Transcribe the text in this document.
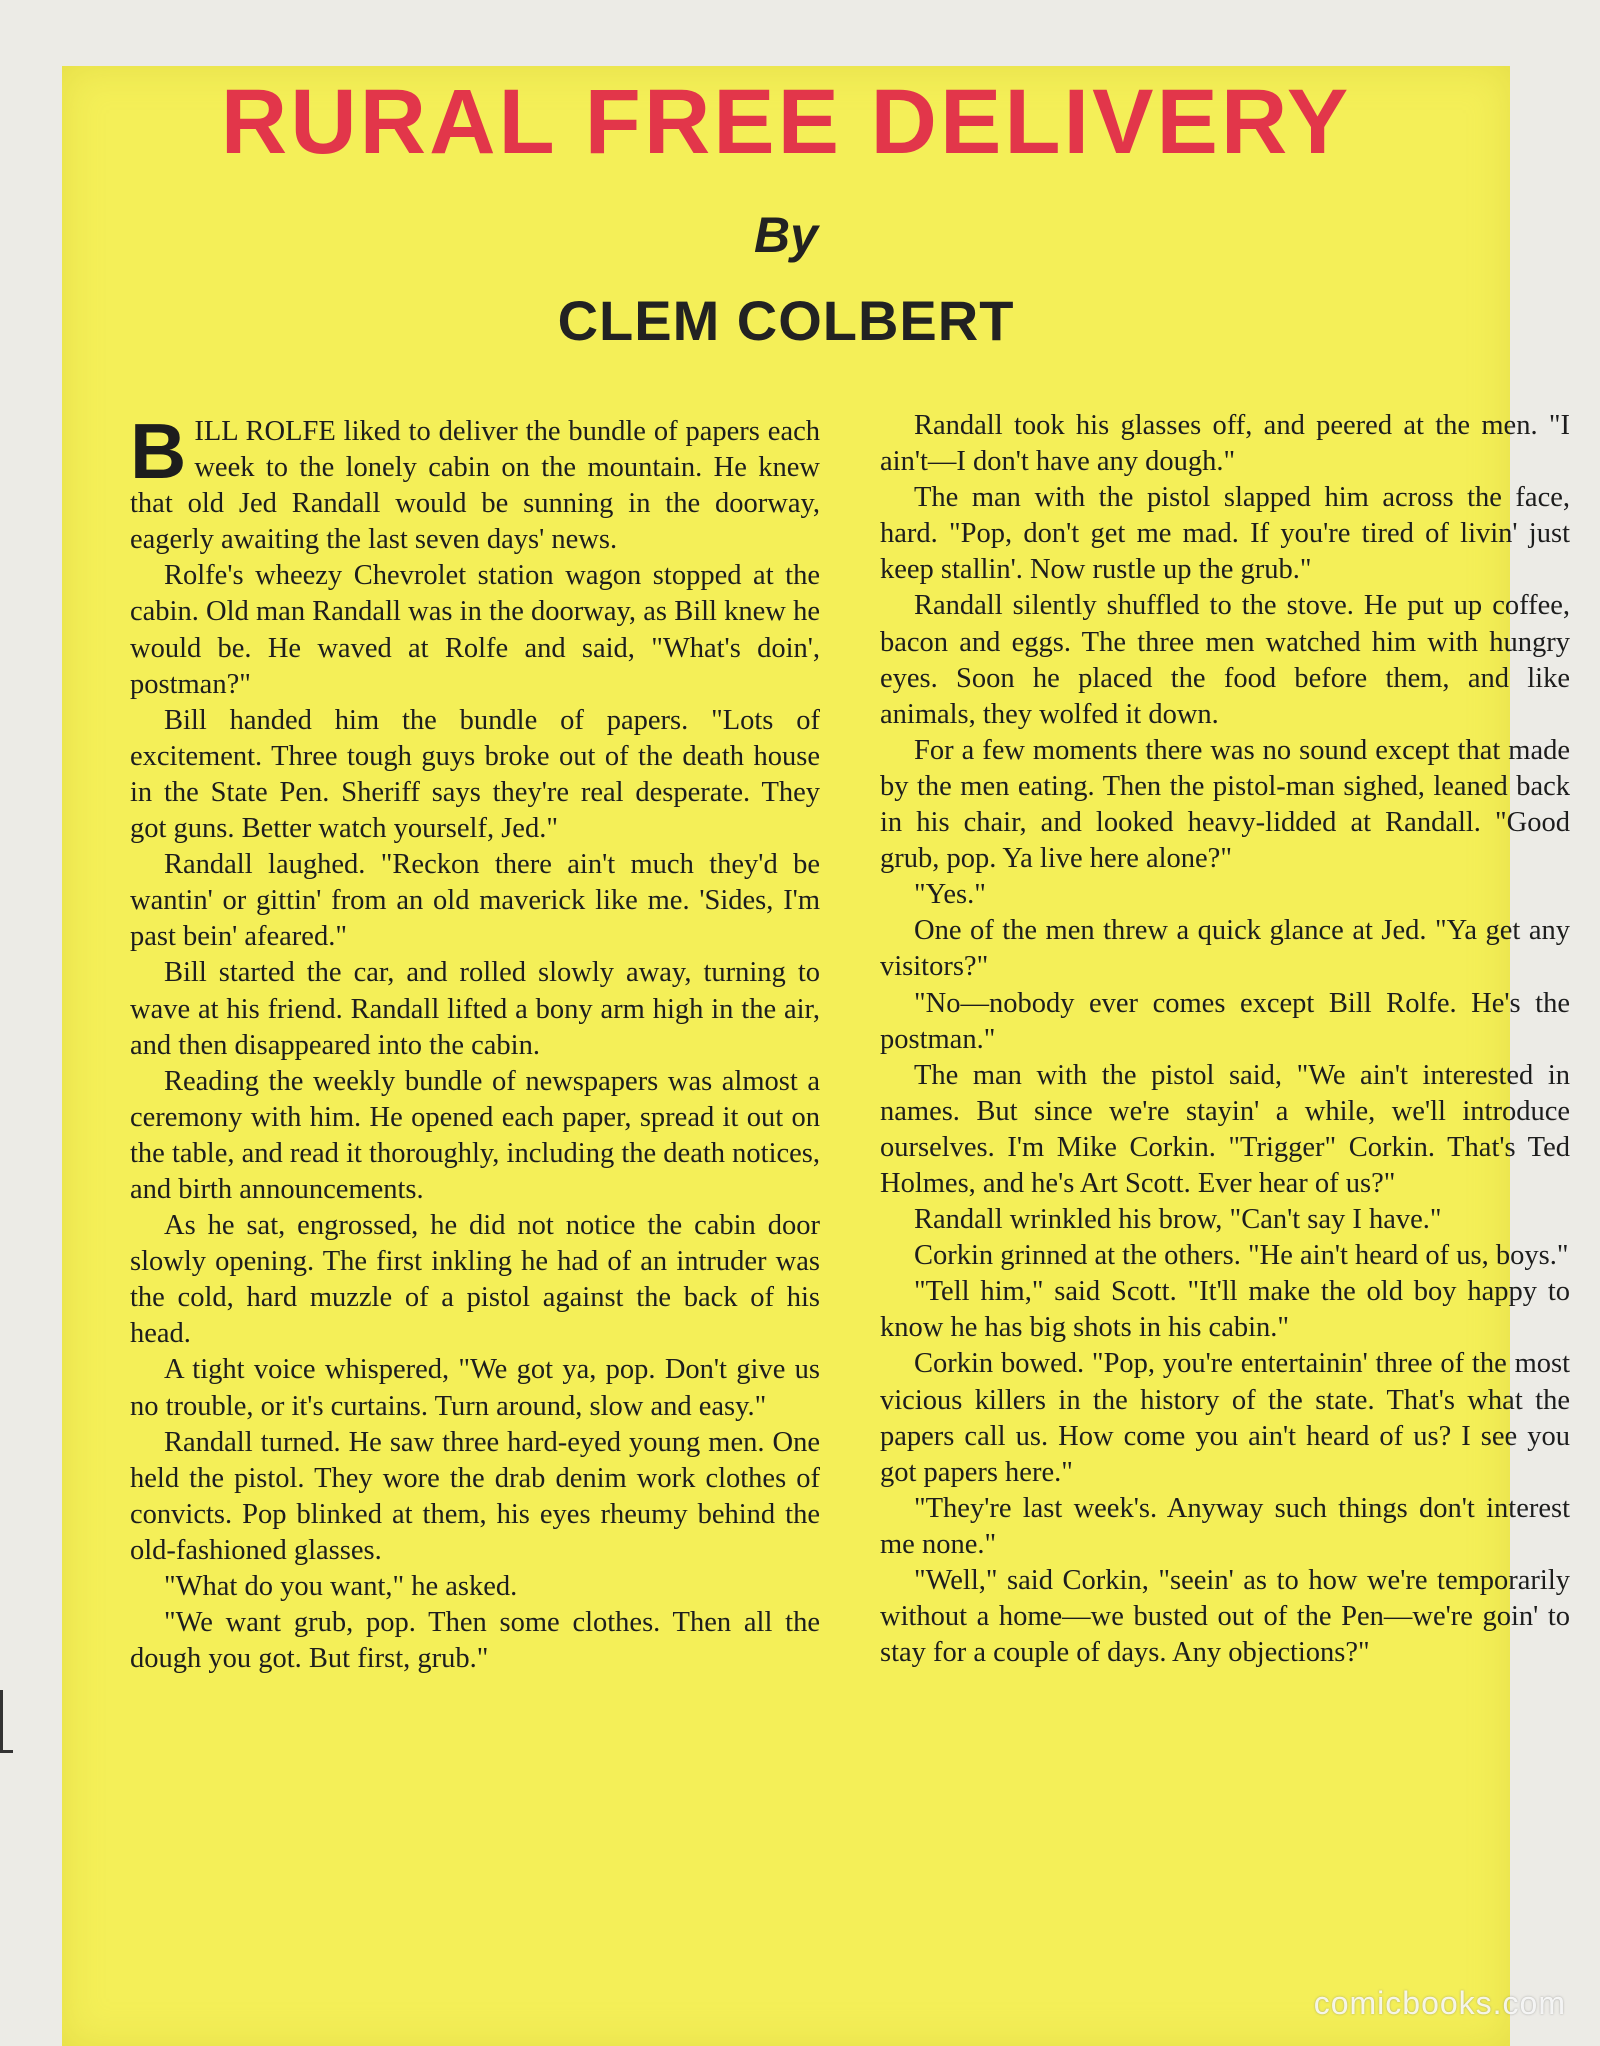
RURAL FREE DELIVERY
By
CLEM COLBERT

BILL ROLFE liked to deliver the bundle of papers each week to the lonely cabin on the mountain. He knew that old Jed Randall would be sunning in the doorway, eagerly awaiting the last seven days' news.

Rolfe's wheezy Chevrolet station wagon stopped at the cabin. Old man Randall was in the doorway, as Bill knew he would be. He waved at Rolfe and said, "What's doin', postman?"

Bill handed him the bundle of papers. "Lots of excitement. Three tough guys broke out of the death house in the State Pen. Sheriff says they're real desperate. They got guns. Better watch yourself, Jed."

Randall laughed. "Reckon there ain't much they'd be wantin' or gittin' from an old maverick like me. 'Sides, I'm past bein' afeared."

Bill started the car, and rolled slowly away, turning to wave at his friend. Randall lifted a bony arm high in the air, and then disappeared into the cabin.

Reading the weekly bundle of newspapers was almost a ceremony with him. He opened each paper, spread it out on the table, and read it thoroughly, including the death notices, and birth announcements.

As he sat, engrossed, he did not notice the cabin door slowly opening. The first inkling he had of an intruder was the cold, hard muzzle of a pistol against the back of his head.

A tight voice whispered, "We got ya, pop. Don't give us no trouble, or it's curtains. Turn around, slow and easy."

Randall turned. He saw three hard-eyed young men. One held the pistol. They wore the drab denim work clothes of convicts. Pop blinked at them, his eyes rheumy behind the old-fashioned glasses.

"What do you want," he asked.

"We want grub, pop. Then some clothes. Then all the dough you got. But first, grub."

Randall took his glasses off, and peered at the men. "I ain't—I don't have any dough."

The man with the pistol slapped him across the face, hard. "Pop, don't get me mad. If you're tired of livin' just keep stallin'. Now rustle up the grub."

Randall silently shuffled to the stove. He put up coffee, bacon and eggs. The three men watched him with hungry eyes. Soon he placed the food before them, and like animals, they wolfed it down.

For a few moments there was no sound except that made by the men eating. Then the pistol-man sighed, leaned back in his chair, and looked heavy-lidded at Randall. "Good grub, pop. Ya live here alone?"

"Yes."

One of the men threw a quick glance at Jed. "Ya get any visitors?"

"No—nobody ever comes except Bill Rolfe. He's the postman."

The man with the pistol said, "We ain't interested in names. But since we're stayin' a while, we'll introduce ourselves. I'm Mike Corkin. "Trigger" Corkin. That's Ted Holmes, and he's Art Scott. Ever hear of us?"

Randall wrinkled his brow, "Can't say I have."

Corkin grinned at the others. "He ain't heard of us, boys."

"Tell him," said Scott. "It'll make the old boy happy to know he has big shots in his cabin."

Corkin bowed. "Pop, you're entertainin' three of the most vicious killers in the history of the state. That's what the papers call us. How come you ain't heard of us? I see you got papers here."

"They're last week's. Anyway such things don't interest me none."

"Well," said Corkin, "seein' as to how we're temporarily without a home—we busted out of the Pen—we're goin' to stay for a couple of days. Any objections?"

comicbooks.com
